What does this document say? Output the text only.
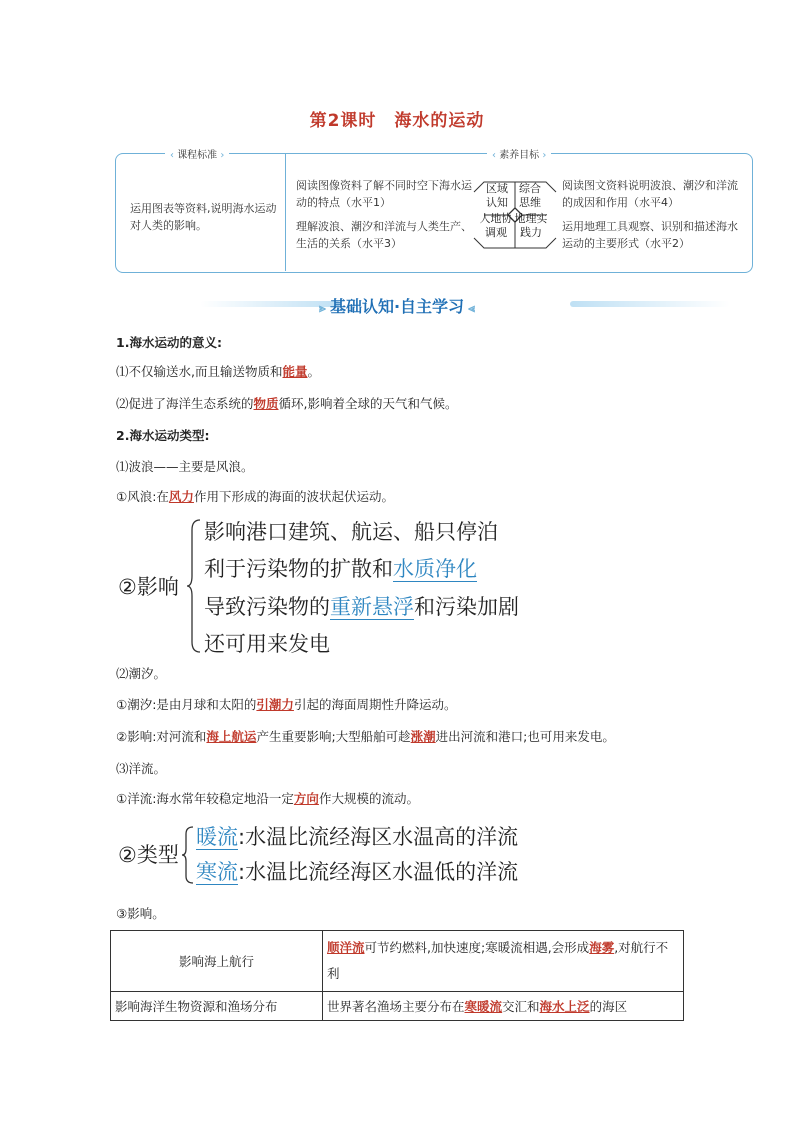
第2课时　海水的运动
‹ 课程标准 ›	‹ 素养目标 ›
运用图表等资料,说明海水运动对人类的影响。
阅读图像资料了解不同时空下海水运动的特点（水平1）
理解波浪、潮汐和洋流与人类生产、生活的关系（水平3）
阅读图文资料说明波浪、潮汐和洋流的成因和作用（水平4）
运用地理工具观察、识别和描述海水运动的主要形式（水平2）
区域认知
综合思维
人地协调观
地理实践力
⪢ 基础认知·自主学习 ⪡
1.海水运动的意义:
⑴不仅输送水,而且输送物质和能量。
⑵促进了海洋生态系统的物质循环,影响着全球的天气和气候。
2.海水运动类型:
⑴波浪——主要是风浪。
①风浪:在风力作用下形成的海面的波状起伏运动。
②影响
影响港口建筑、航运、船只停泊
利于污染物的扩散和水质净化
导致污染物的重新悬浮和污染加剧
还可用来发电
⑵潮汐。
①潮汐:是由月球和太阳的引潮力引起的海面周期性升降运动。
②影响:对河流和海上航运产生重要影响;大型船舶可趁涨潮进出河流和港口;也可用来发电。
⑶洋流。
①洋流:海水常年较稳定地沿一定方向作大规模的流动。
②类型
暖流:水温比流经海区水温高的洋流
寒流:水温比流经海区水温低的洋流
③影响。
影响海上航行	顺洋流可节约燃料,加快速度;寒暖流相遇,会形成海雾,对航行不利
影响海洋生物资源和渔场分布	世界著名渔场主要分布在寒暖流交汇和海水上泛的海区
